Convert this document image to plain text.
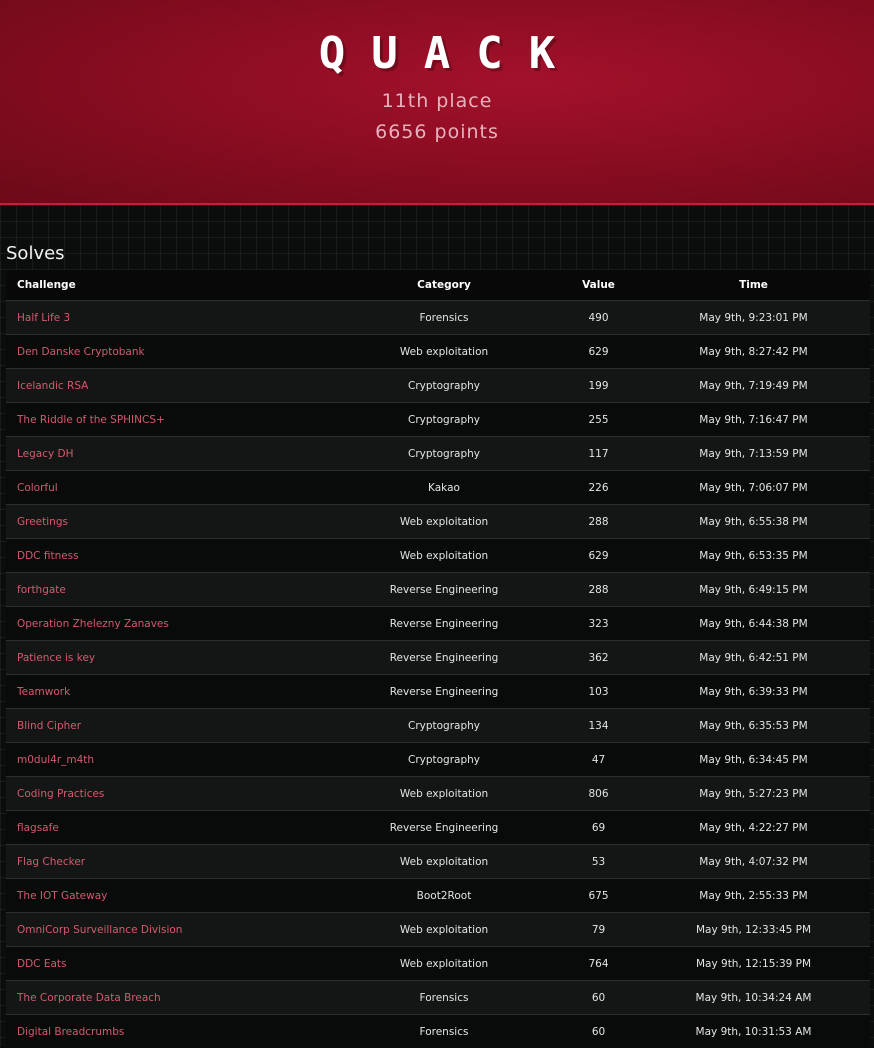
QUACK
11th place
6656 points
Solves
Challenge	Category	Value	Time
Half Life 3	Forensics	490	May 9th, 9:23:01 PM
Den Danske Cryptobank	Web exploitation	629	May 9th, 8:27:42 PM
Icelandic RSA	Cryptography	199	May 9th, 7:19:49 PM
The Riddle of the SPHINCS+	Cryptography	255	May 9th, 7:16:47 PM
Legacy DH	Cryptography	117	May 9th, 7:13:59 PM
Colorful	Kakao	226	May 9th, 7:06:07 PM
Greetings	Web exploitation	288	May 9th, 6:55:38 PM
DDC fitness	Web exploitation	629	May 9th, 6:53:35 PM
forthgate	Reverse Engineering	288	May 9th, 6:49:15 PM
Operation Zhelezny Zanaves	Reverse Engineering	323	May 9th, 6:44:38 PM
Patience is key	Reverse Engineering	362	May 9th, 6:42:51 PM
Teamwork	Reverse Engineering	103	May 9th, 6:39:33 PM
Blind Cipher	Cryptography	134	May 9th, 6:35:53 PM
m0dul4r_m4th	Cryptography	47	May 9th, 6:34:45 PM
Coding Practices	Web exploitation	806	May 9th, 5:27:23 PM
flagsafe	Reverse Engineering	69	May 9th, 4:22:27 PM
Flag Checker	Web exploitation	53	May 9th, 4:07:32 PM
The IOT Gateway	Boot2Root	675	May 9th, 2:55:33 PM
OmniCorp Surveillance Division	Web exploitation	79	May 9th, 12:33:45 PM
DDC Eats	Web exploitation	764	May 9th, 12:15:39 PM
The Corporate Data Breach	Forensics	60	May 9th, 10:34:24 AM
Digital Breadcrumbs	Forensics	60	May 9th, 10:31:53 AM
